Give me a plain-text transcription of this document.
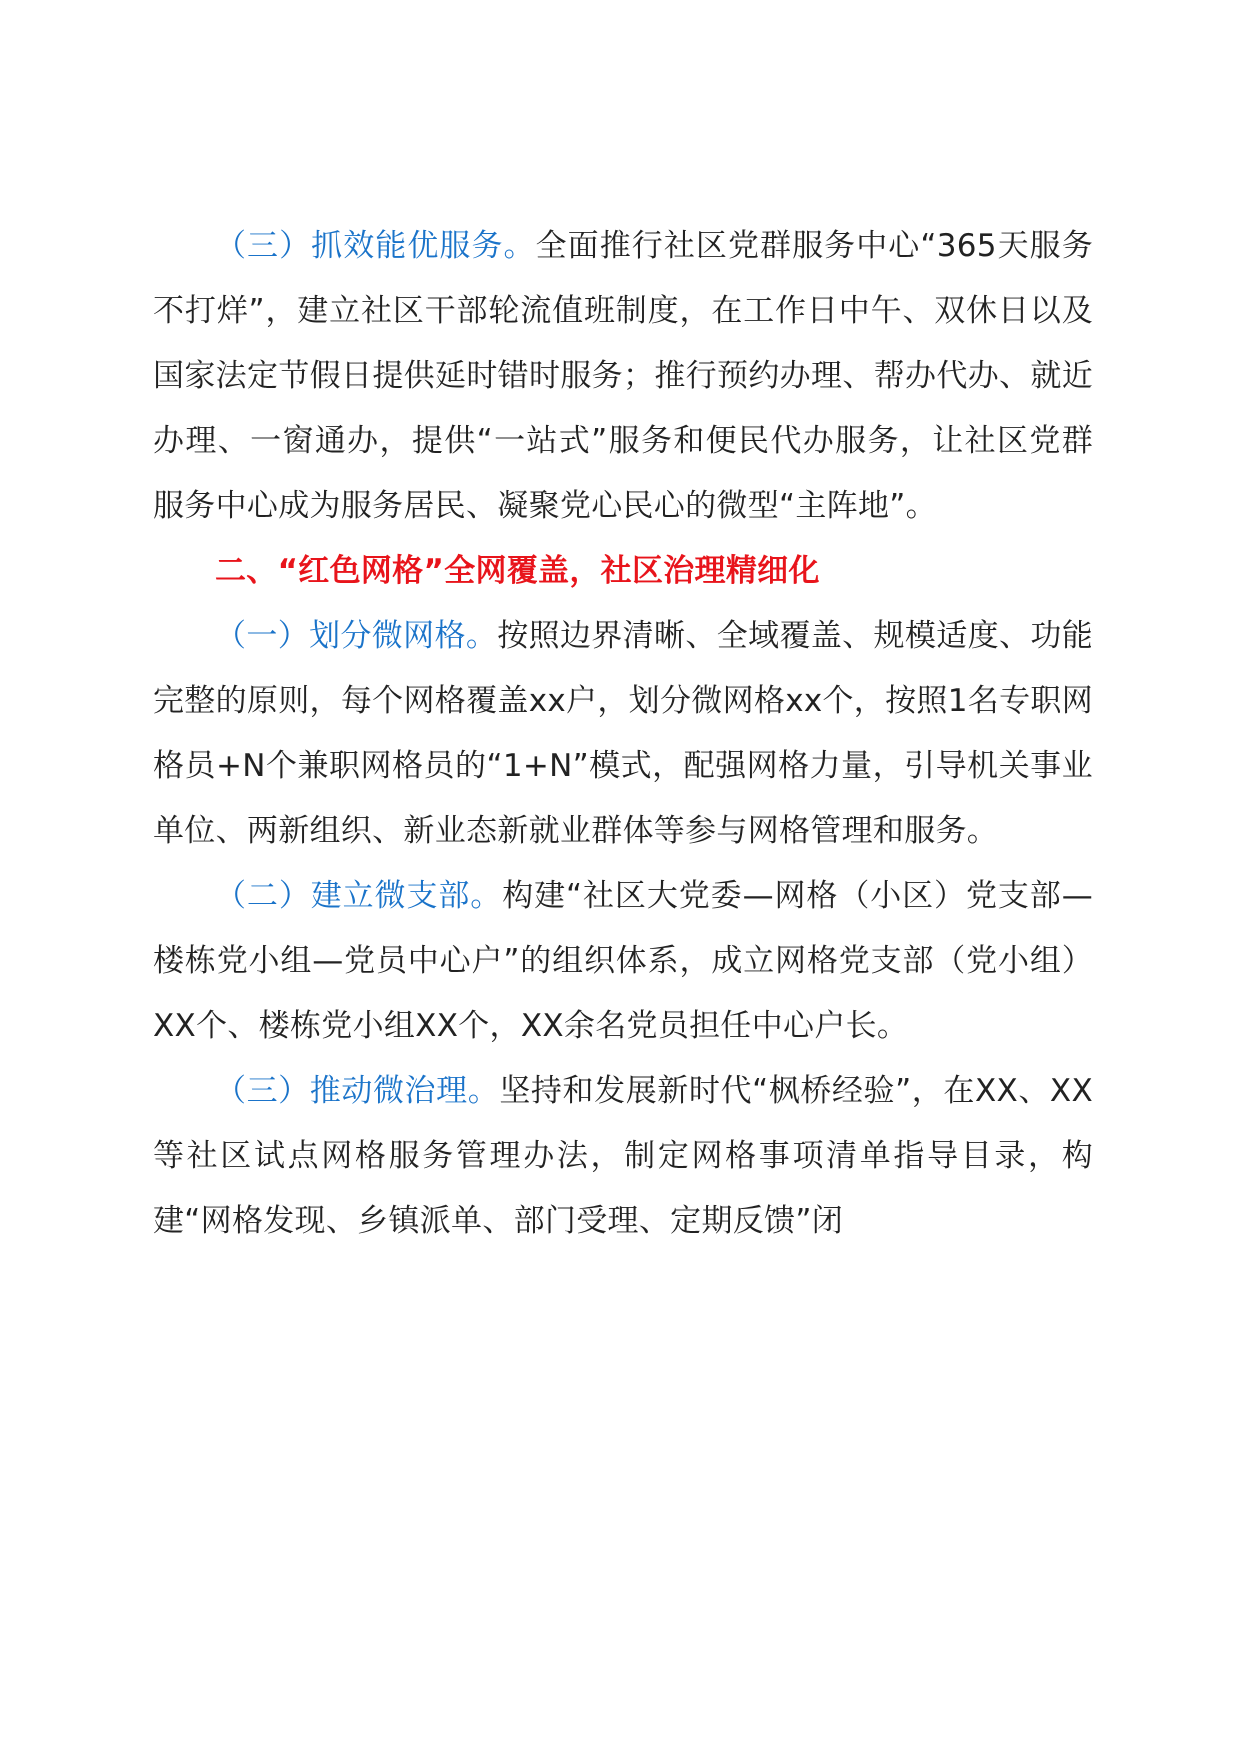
（三）抓效能优服务。全面推行社区党群服务中心“365天服务不打烊”，建立社区干部轮流值班制度，在工作日中午、双休日以及国家法定节假日提供延时错时服务；推行预约办理、帮办代办、就近办理、一窗通办，提供“一站式”服务和便民代办服务，让社区党群服务中心成为服务居民、凝聚党心民心的微型“主阵地”。

二、“红色网格”全网覆盖，社区治理精细化

（一）划分微网格。按照边界清晰、全域覆盖、规模适度、功能完整的原则，每个网格覆盖xx户，划分微网格xx个，按照1名专职网格员+N个兼职网格员的“1+N”模式，配强网格力量，引导机关事业单位、两新组织、新业态新就业群体等参与网格管理和服务。

（二）建立微支部。构建“社区大党委—网格（小区）党支部—楼栋党小组—党员中心户”的组织体系，成立网格党支部（党小组）XX个、楼栋党小组XX个，XX余名党员担任中心户长。

（三）推动微治理。坚持和发展新时代“枫桥经验”，在XX、XX等社区试点网格服务管理办法，制定网格事项清单指导目录，构建“网格发现、乡镇派单、部门受理、定期反馈”闭
